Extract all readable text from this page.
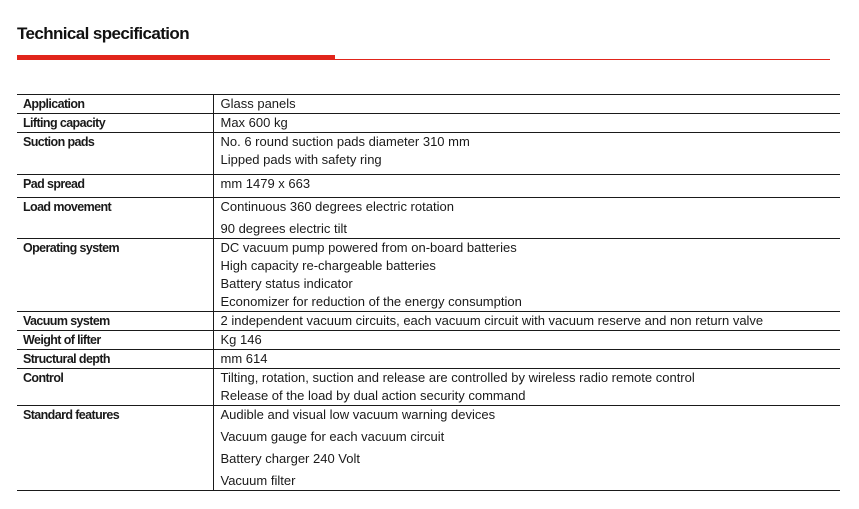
Technical specification
Application	Glass panels

Lifting capacity	Max 600 kg

Suction pads	No. 6 round suction pads diameter 310 mm
Lipped pads with safety ring

Pad spread	mm 1479 x 663

Load movement	Continuous 360 degrees electric rotation
90 degrees electric tilt

Operating system	DC vacuum pump powered from on-board batteries
High capacity re-chargeable batteries
Battery status indicator
Economizer for reduction of the energy consumption

Vacuum system	2 independent vacuum circuits, each vacuum circuit with vacuum reserve and non return valve

Weight of lifter	Kg 146

Structural depth	mm 614

Control	Tilting, rotation, suction and release are controlled by wireless radio remote control
Release of the load by dual action security command

Standard features	Audible and visual low vacuum warning devices
Vacuum gauge for each vacuum circuit
Battery charger 240 Volt
Vacuum filter
